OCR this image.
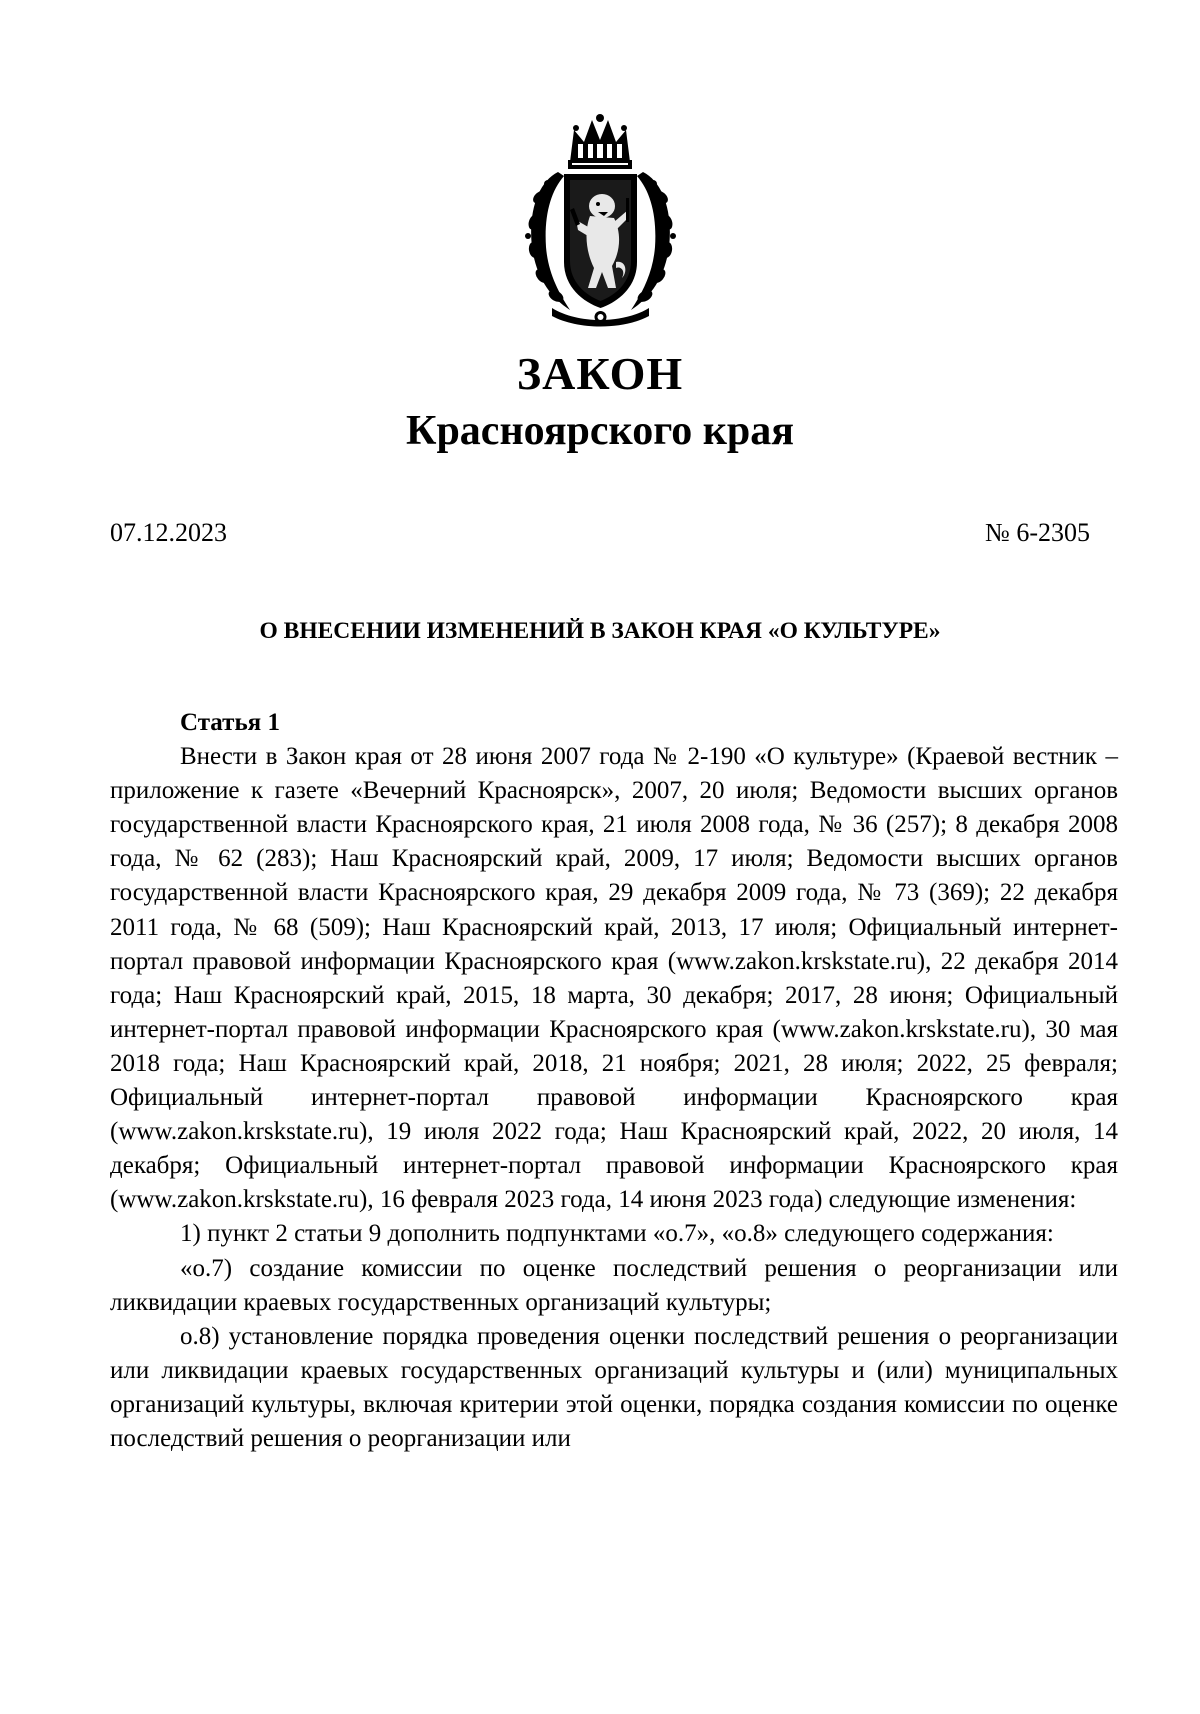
ЗАКОН
Красноярского края
07.12.2023	№ 6-2305
О ВНЕСЕНИИ ИЗМЕНЕНИЙ В ЗАКОН КРАЯ «О КУЛЬТУРЕ»

Статья 1

Внести в Закон края от 28 июня 2007 года № 2-190 «О культуре» (Краевой вестник – приложение к газете «Вечерний Красноярск», 2007, 20 июля; Ведомости высших органов государственной власти Красноярского края, 21 июля 2008 года, № 36 (257); 8 декабря 2008 года, № 62 (283); Наш Красноярский край, 2009, 17 июля; Ведомости высших органов государственной власти Красноярского края, 29 декабря 2009 года, № 73 (369); 22 декабря 2011 года, № 68 (509); Наш Красноярский край, 2013, 17 июля; Официальный интернет-портал правовой информации Красноярского края (www.zakon.krskstate.ru), 22 декабря 2014 года; Наш Красноярский край, 2015, 18 марта, 30 декабря; 2017, 28 июня; Официальный интернет-портал правовой информации Красноярского края (www.zakon.krskstate.ru), 30 мая 2018 года; Наш Красноярский край, 2018, 21 ноября; 2021, 28 июля; 2022, 25 февраля; Официальный интернет-портал правовой информации Красноярского края (www.zakon.krskstate.ru), 19 июля 2022 года; Наш Красноярский край, 2022, 20 июля, 14 декабря; Официальный интернет-портал правовой информации Красноярского края (www.zakon.krskstate.ru), 16 февраля 2023 года, 14 июня 2023 года) следующие изменения:

1) пункт 2 статьи 9 дополнить подпунктами «о.7», «о.8» следующего содержания:

«о.7) создание комиссии по оценке последствий решения о реорганизации или ликвидации краевых государственных организаций культуры;

о.8) установление порядка проведения оценки последствий решения о реорганизации или ликвидации краевых государственных организаций культуры и (или) муниципальных организаций культуры, включая критерии этой оценки, порядка создания комиссии по оценке последствий решения о реорганизации или
